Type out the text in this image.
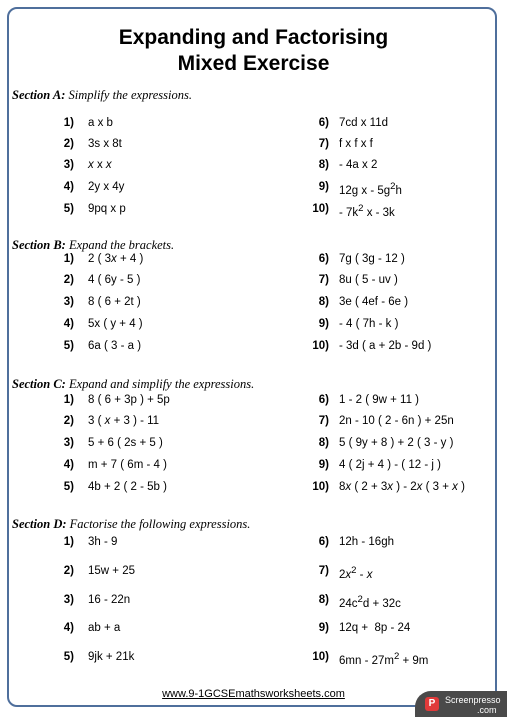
Expanding and Factorising
Mixed Exercise
Section A: Simplify the expressions.
1) a x b
2) 3s x 8t
3) x x x
4) 2y x 4y
5) 9pq x p
6) 7cd x 11d
7) f x f x f
8) - 4a x 2
9) 12g x - $5g^2h$
$10) - 7k^2$ x - 3k
Section B: Expand the brackets.
1) 2 ( 3x + 4 )
2) 4 ( 6y - 5 )
3) 8 ( 6 + 2t )
4) 5x ( y + 4 )
5) 6a ( 3 - a )
6) 7g ( 3g - 12 )
7) 8u ( 5 - uv )
8) 3e ( 4ef - 6e )
9) - 4 ( 7h - k )
10) - 3d ( a + 2b - 9d )
Section C: Expand and simplify the expressions.
1) 8 ( 6 + 3p ) + 5p
2) 3 ( x + 3 ) - 11
3) 5 + 6 ( 2s + 5 )
4) m + 7 ( 6m - 4 )
5) 4b + 2 ( 2 - 5b )
6) 1 - 2 ( 9w + 11 )
7) 2n - 10 ( 2 - 6n ) + 25n
8) 5 ( 9y + 8 ) + 2 ( 3 - y )
9) 4 ( 2j + 4 ) - ( 12 - j )
10) 8x ( 2 + 3x ) - 2x ( 3 + x )
Section D: Factorise the following expressions.
1) 3h - 9
2) 15w + 25
3) 16 - 22n
4) ab + a
5) 9jk + 21k
6) 12h - 16gh
7) $2x^2$ - x
8) $24c^2d + 32c$
9) 12q +  8p - 24
10) $6mn - 27m^2 + 9m$
www.9-1GCSEmathsworksheets.com
P	Screenpresso
.com
